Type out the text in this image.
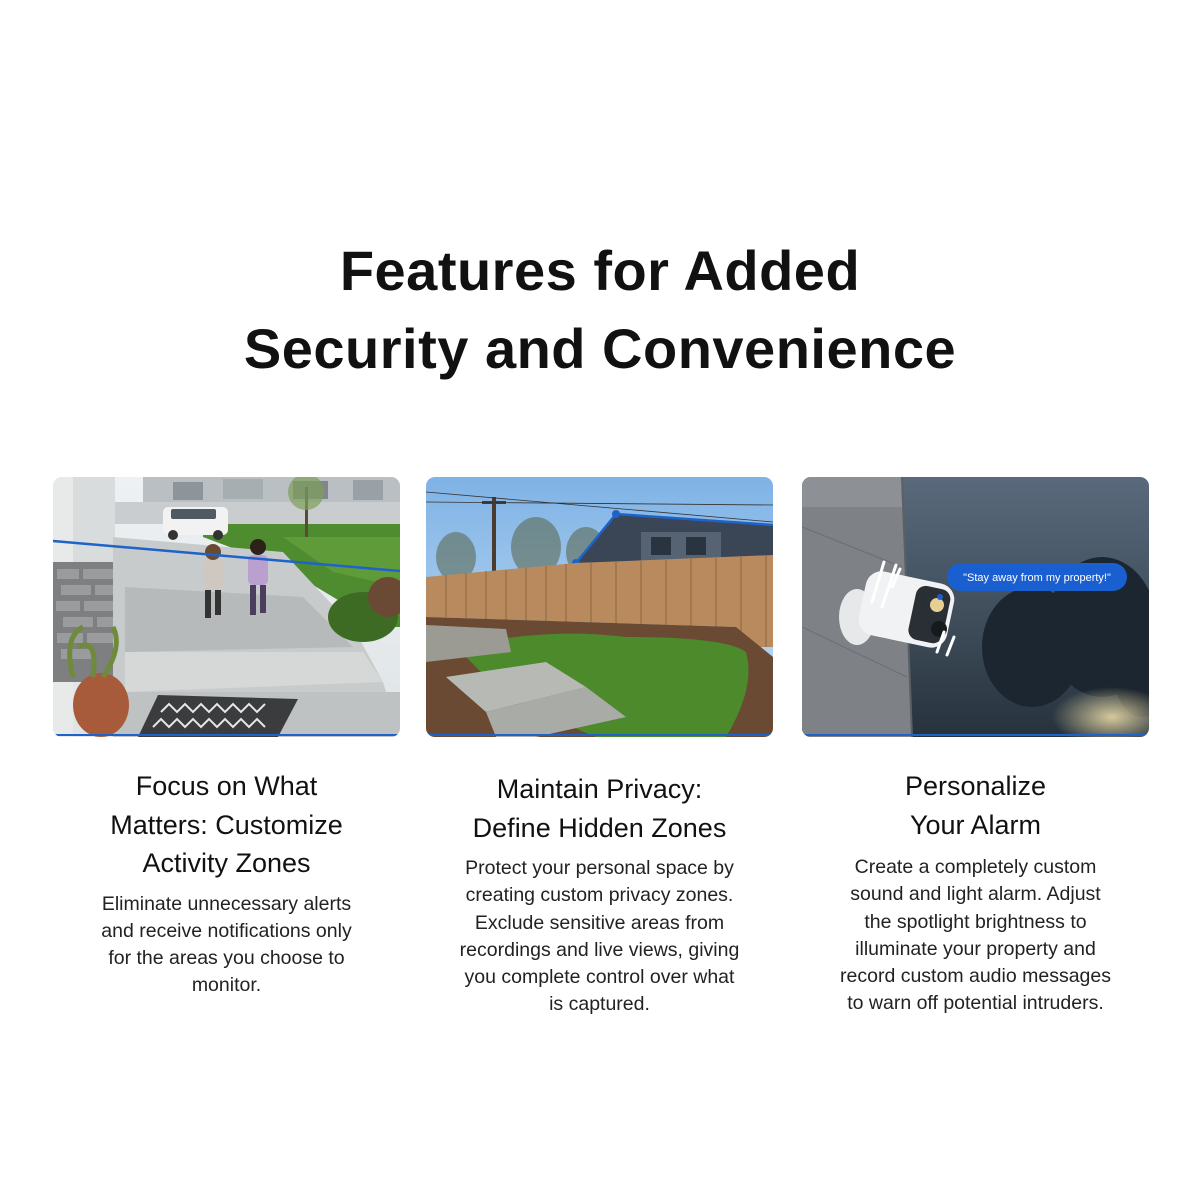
Features for Added
Security and Convenience
Focus on What
Matters: Customize
Activity Zones

Eliminate unnecessary alerts
and receive notifications only
for the areas you choose to
monitor.

Maintain Privacy:
Define Hidden Zones

Protect your personal space by
creating custom privacy zones.
Exclude sensitive areas from
recordings and live views, giving
you complete control over what
is captured.

"Stay away from my property!"
Personalize
Your Alarm

Create a completely custom
sound and light alarm. Adjust
the spotlight brightness to
illuminate your property and
record custom audio messages
to warn off potential intruders.
